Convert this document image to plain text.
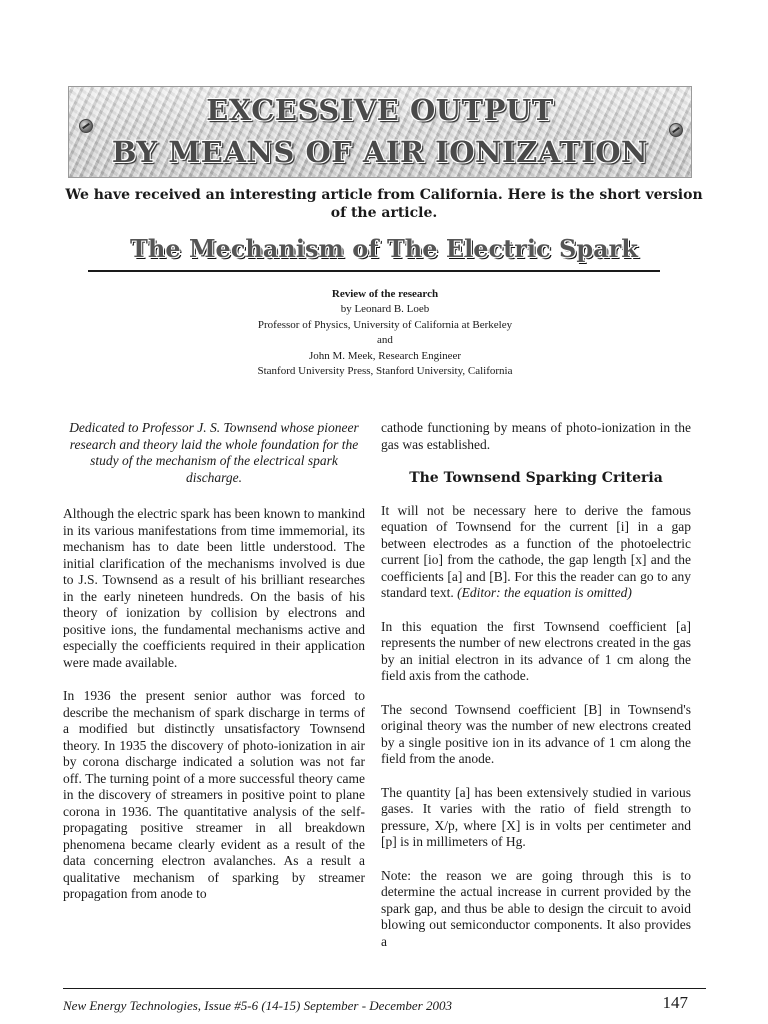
EXCESSIVE OUTPUT
BY MEANS OF AIR IONIZATION
We have received an interesting article from California. Here is the short version of the article.
The Mechanism of The Electric Spark
Review of the research
by Leonard B. Loeb
Professor of Physics, University of California at Berkeley
and
John M. Meek, Research Engineer
Stanford University Press, Stanford University, California

Dedicated to Professor J. S. Townsend whose pioneer research and theory laid the whole foundation for the study of the mechanism of the electrical spark discharge.

Although the electric spark has been known to mankind in its various manifestations from time immemorial, its mechanism has to date been little understood. The initial clarification of the mechanisms involved is due to J.S. Townsend as a result of his brilliant researches in the early nineteen hundreds. On the basis of his theory of ionization by collision by electrons and positive ions, the fundamental mechanisms active and especially the coefficients required in their application were made available.

In 1936 the present senior author was forced to describe the mechanism of spark discharge in terms of a modified but distinctly unsatisfactory Townsend theory. In 1935 the discovery of photo-ionization in air by corona discharge indicated a solution was not far off. The turning point of a more successful theory came in the discovery of streamers in positive point to plane corona in 1936. The quantitative analysis of the self-propagating positive streamer in all breakdown phenomena became clearly evident as a result of the data concerning electron avalanches. As a result a qualitative mechanism of sparking by streamer propagation from anode to

cathode functioning by means of photo-ionization in the gas was established.

The Townsend Sparking Criteria

It will not be necessary here to derive the famous equation of Townsend for the current [i] in a gap between electrodes as a function of the photoelectric current [io] from the cathode, the gap length [x] and the coefficients [a] and [B]. For this the reader can go to any standard text. (Editor: the equation is omitted)

In this equation the first Townsend coefficient [a] represents the number of new electrons created in the gas by an initial electron in its advance of 1 cm along the field axis from the cathode.

The second Townsend coefficient [B] in Townsend's original theory was the number of new electrons created by a single positive ion in its advance of 1 cm along the field from the anode.

The quantity [a] has been extensively studied in various gases. It varies with the ratio of field strength to pressure, X/p, where [X] is in volts per centimeter and [p] is in millimeters of Hg.

Note: the reason we are going through this is to determine the actual increase in current provided by the spark gap, and thus be able to design the circuit to avoid blowing out semiconductor components. It also provides a

New Energy Technologies, Issue #5-6 (14-15) September - December 2003	147
